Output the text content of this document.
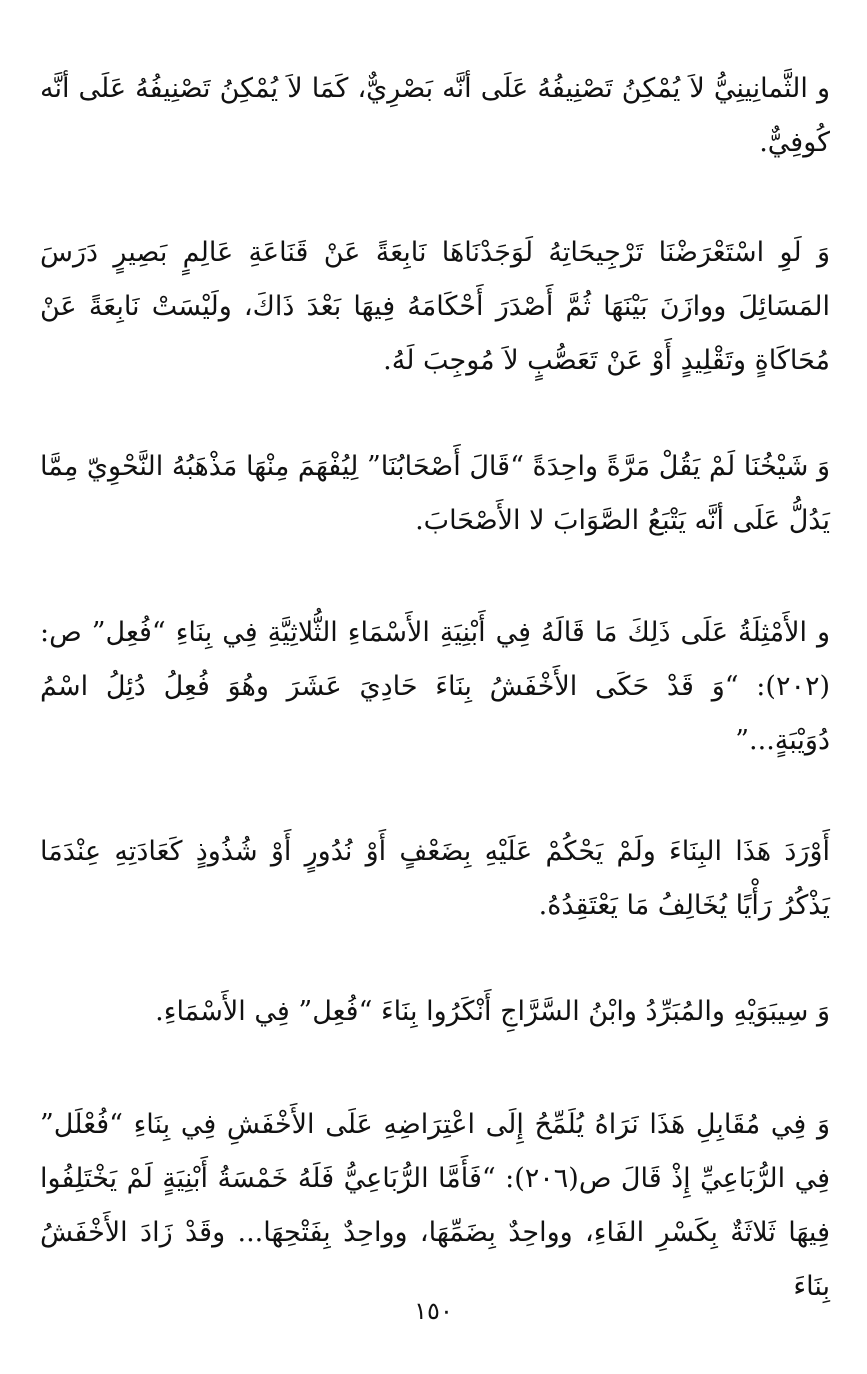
و الثَّمانِينِيُّ لاَ يُمْكِنُ تَصْنِيفُهُ عَلَى أنَّه بَصْرِيٌّ، كَمَا لاَ يُمْكِنُ تَصْنِيفُهُ عَلَى أنَّه كُوفِيٌّ.

وَ لَوِ اسْتَعْرَضْنَا تَرْجِيحَاتِهُ لَوَجَدْنَاهَا نَابِعَةً عَنْ قَنَاعَةِ عَالِمٍ بَصِيرٍ دَرَسَ المَسَائِلَ ووازَنَ بَيْنَهَا ثُمَّ أَصْدَرَ أَحْكَامَهُ فِيهَا بَعْدَ ذَاكَ، ولَيْسَتْ نَابِعَةً عَنْ مُحَاكَاةٍ وتَقْلِيدٍ أَوْ عَنْ تَعَصُّبٍ لاَ مُوجِبَ لَهُ.

وَ شَيْخُنَا لَمْ يَقُلْ مَرَّةً واحِدَةً “قَالَ أَصْحَابُنَا” لِيُفْهَمَ مِنْهَا مَذْهَبُهُ النَّحْوِيّ مِمَّا يَدُلُّ عَلَى أنَّه يَتْبَعُ الصَّوَابَ لا الأَصْحَابَ.

و الأَمْثِلَةُ عَلَى ذَلِكَ مَا قَالَهُ فِي أَبْنِيَةِ الأَسْمَاءِ الثُّلاثِيَّةِ فِي بِنَاءِ “فُعِل” ص: (٢٠٢): “وَ قَدْ حَكَى الأَخْفَشُ بِنَاءَ حَادِيَ عَشَرَ وهُوَ فُعِلُ دُئِلُ اسْمُ دُوَيْبَةٍ...”

أَوْرَدَ هَذَا البِنَاءَ ولَمْ يَحْكُمْ عَلَيْهِ بِضَعْفٍ أَوْ نُدُورٍ أَوْ شُذُوذٍ كَعَادَتِهِ عِنْدَمَا يَذْكُرُ رَأْيًا يُخَالِفُ مَا يَعْتَقِدُهُ.

وَ سِيبَوَيْهِ والمُبَرِّدُ وابْنُ السَّرَّاجِ أَنْكَرُوا بِنَاءَ “فُعِل” فِي الأَسْمَاءِ.

وَ فِي مُقَابِلِ هَذَا نَرَاهُ يُلَمِّحُ إِلَى اعْتِرَاضِهِ عَلَى الأَخْفَشِ فِي بِنَاءِ “فُعْلَل” فِي الرُّبَاعِيِّ إِذْ قَالَ ص(٢٠٦): “فَأَمَّا الرُّبَاعِيُّ فَلَهُ خَمْسَةُ أَبْنِيَةٍ لَمْ يَخْتَلِفُوا فِيهَا ثَلاثَةٌ بِكَسْرِ الفَاءِ، وواحِدٌ بِضَمِّهَا، وواحِدٌ بِفَتْحِهَا... وقَدْ زَادَ الأَخْفَشُ بِنَاءَ

١٥٠
